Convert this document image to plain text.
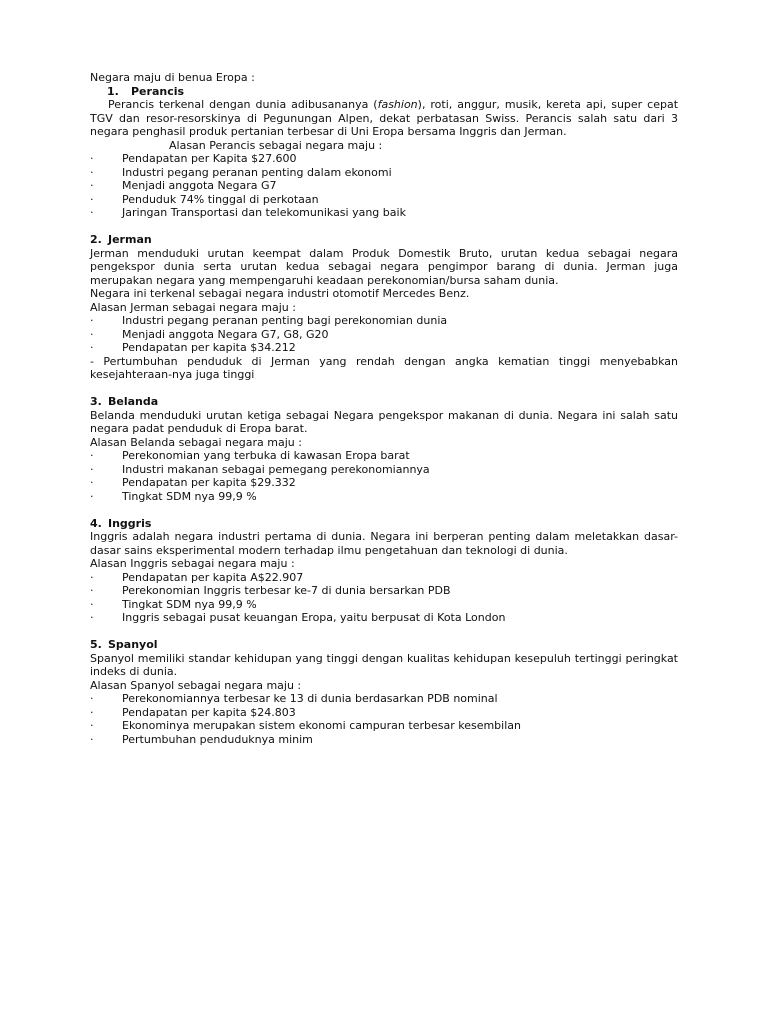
Negara maju di benua Eropa :
1. Perancis
Perancis terkenal dengan dunia adibusananya (fashion), roti, anggur, musik, kereta api, super cepat TGV dan resor-resorskinya di Pegunungan Alpen, dekat perbatasan Swiss. Perancis salah satu dari 3 negara penghasil produk pertanian terbesar di Uni Eropa bersama Inggris dan Jerman.
Alasan Perancis sebagai negara maju :
·	Pendapatan per Kapita $27.600
·	Industri pegang peranan penting dalam ekonomi
·	Menjadi anggota Negara G7
·	Penduduk 74% tinggal di perkotaan
·	Jaringan Transportasi dan telekomunikasi yang baik
2. Jerman
Jerman menduduki urutan keempat dalam Produk Domestik Bruto, urutan kedua sebagai negara pengekspor dunia serta urutan kedua sebagai negara pengimpor barang di dunia. Jerman juga merupakan negara yang mempengaruhi keadaan perekonomian/bursa saham dunia.
Negara ini terkenal sebagai negara industri otomotif Mercedes Benz.
Alasan Jerman sebagai negara maju :
·	Industri pegang peranan penting bagi perekonomian dunia
·	Menjadi anggota Negara G7, G8, G20
·	Pendapatan per kapita $34.212
- Pertumbuhan penduduk di Jerman yang rendah dengan angka kematian tinggi menyebabkan kesejahteraan-nya juga tinggi
3. Belanda
Belanda menduduki urutan ketiga sebagai Negara pengekspor makanan di dunia. Negara ini salah satu negara padat penduduk di Eropa barat.
Alasan Belanda sebagai negara maju :
·	Perekonomian yang terbuka di kawasan Eropa barat
·	Industri makanan sebagai pemegang perekonomiannya
·	Pendapatan per kapita $29.332
·	Tingkat SDM nya 99,9 %
4. Inggris
Inggris adalah negara industri pertama di dunia. Negara ini berperan penting dalam meletakkan dasar-dasar sains eksperimental modern terhadap ilmu pengetahuan dan teknologi di dunia.
Alasan Inggris sebagai negara maju :
·	Pendapatan per kapita A$22.907
·	Perekonomian Inggris terbesar ke-7 di dunia bersarkan PDB
·	Tingkat SDM nya 99,9 %
·	Inggris sebagai pusat keuangan Eropa, yaitu berpusat di Kota London
5. Spanyol
Spanyol memiliki standar kehidupan yang tinggi dengan kualitas kehidupan kesepuluh tertinggi peringkat indeks di dunia.
Alasan Spanyol sebagai negara maju :
·	Perekonomiannya terbesar ke 13 di dunia berdasarkan PDB nominal
·	Pendapatan per kapita $24.803
·	Ekonominya merupakan sistem ekonomi campuran terbesar kesembilan
·	Pertumbuhan penduduknya minim
